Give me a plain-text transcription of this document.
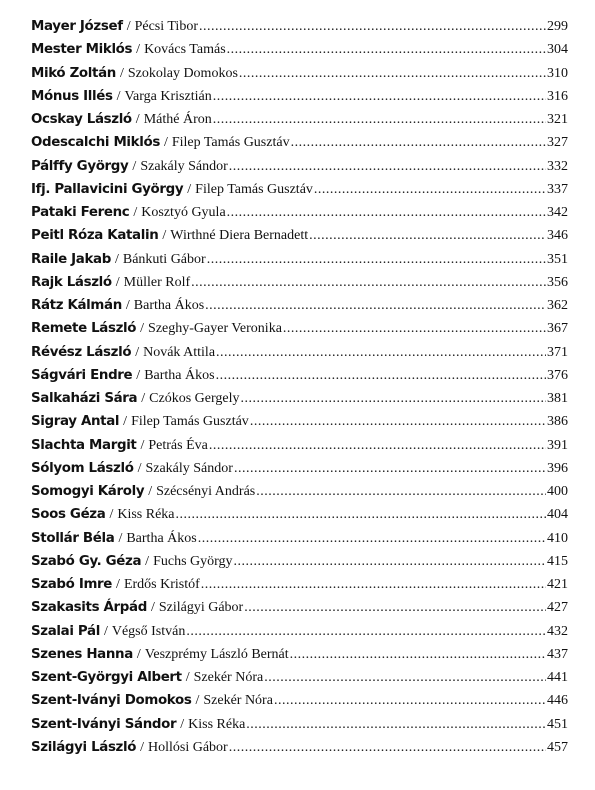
Mayer József / Pécsi Tibor .....	299
Mester Miklós / Kovács Tamás .....	304
Mikó Zoltán / Szokolay Domokos .....	310
Mónus Illés / Varga Krisztián .....	316
Ocskay László / Máthé Áron .....	321
Odescalchi Miklós / Filep Tamás Gusztáv .....	327
Pálffy György / Szakály Sándor .....	332
Ifj. Pallavicini György / Filep Tamás Gusztáv .....	337
Pataki Ferenc / Kosztyó Gyula .....	342
Peitl Róza Katalin / Wirthné Diera Bernadett .....	346
Raile Jakab / Bánkuti Gábor .....	351
Rajk László / Müller Rolf .....	356
Rátz Kálmán / Bartha Ákos .....	362
Remete László / Szeghy-Gayer Veronika .....	367
Révész László / Novák Attila .....	371
Ságvári Endre / Bartha Ákos .....	376
Salkaházi Sára / Czókos Gergely .....	381
Sigray Antal / Filep Tamás Gusztáv .....	386
Slachta Margit / Petrás Éva .....	391
Sólyom László / Szakály Sándor .....	396
Somogyi Károly / Szécsényi András .....	400
Soos Géza / Kiss Réka .....	404
Stollár Béla / Bartha Ákos .....	410
Szabó Gy. Géza / Fuchs György .....	415
Szabó Imre / Erdős Kristóf .....	421
Szakasits Árpád / Szilágyi Gábor .....	427
Szalai Pál / Végső István .....	432
Szenes Hanna / Veszprémy László Bernát .....	437
Szent-Györgyi Albert / Szekér Nóra .....	441
Szent-Iványi Domokos / Szekér Nóra .....	446
Szent-Iványi Sándor / Kiss Réka .....	451
Szilágyi László / Hollósi Gábor .....	457
